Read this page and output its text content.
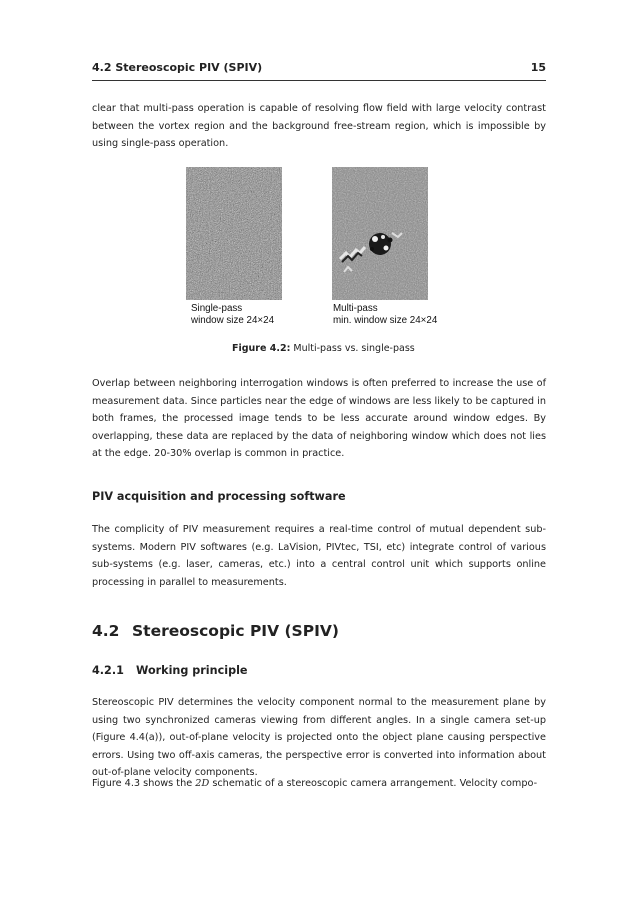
4.2 Stereoscopic PIV (SPIV)	15

clear that multi-pass operation is capable of resolving flow field with large velocity contrast between the vortex region and the background free-stream region, which is impossible by using single-pass operation.

Single-pass
window size 24×24
Multi-pass
min. window size 24×24
Figure 4.2: Multi-pass vs. single-pass

Overlap between neighboring interrogation windows is often preferred to increase the use of measurement data. Since particles near the edge of windows are less likely to be captured in both frames, the processed image tends to be less accurate around window edges. By overlapping, these data are replaced by the data of neighboring window which does not lies at the edge. 20-30% overlap is common in practice.

PIV acquisition and processing software

The complicity of PIV measurement requires a real-time control of mutual dependent sub-systems. Modern PIV softwares (e.g. LaVision, PIVtec, TSI, etc) integrate control of various sub-systems (e.g. laser, cameras, etc.) into a central control unit which supports online processing in parallel to measurements.

4.2 Stereoscopic PIV (SPIV)
4.2.1 Working principle

Stereoscopic PIV determines the velocity component normal to the measurement plane by using two synchronized cameras viewing from different angles. In a single camera set-up (Figure 4.4(a)), out-of-plane velocity is projected onto the object plane causing perspective errors. Using two off-axis cameras, the perspective error is converted into information about out-of-plane velocity components.

Figure 4.3 shows the 2D schematic of a stereoscopic camera arrangement. Velocity compo-
